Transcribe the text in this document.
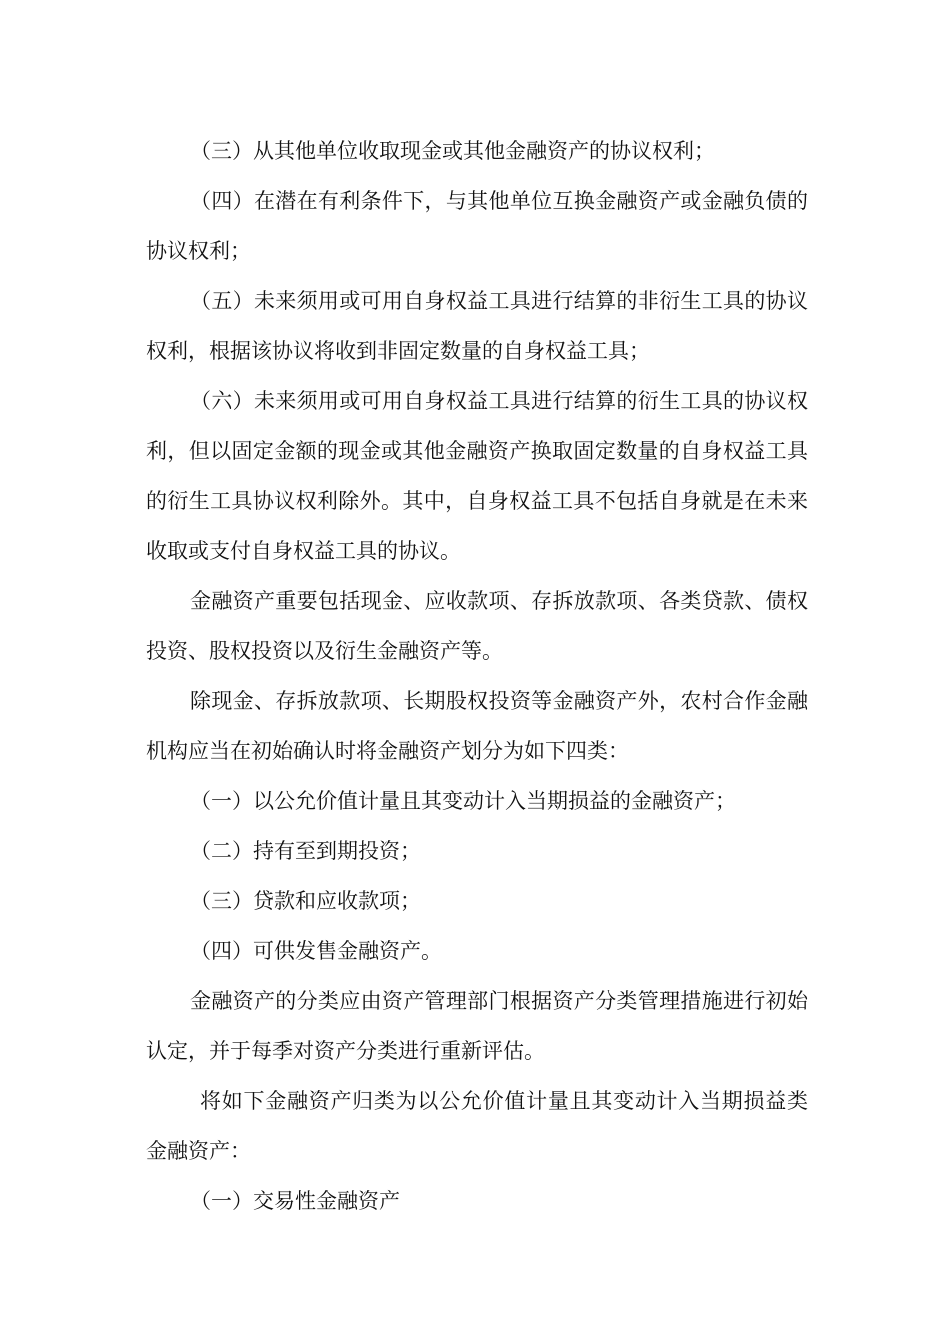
（三）从其他单位收取现金或其他金融资产的协议权利；

（四）在潜在有利条件下，与其他单位互换金融资产或金融负债的协议权利；

（五）未来须用或可用自身权益工具进行结算的非衍生工具的协议权利，根据该协议将收到非固定数量的自身权益工具；

（六）未来须用或可用自身权益工具进行结算的衍生工具的协议权利，但以固定金额的现金或其他金融资产换取固定数量的自身权益工具的衍生工具协议权利除外。其中，自身权益工具不包括自身就是在未来收取或支付自身权益工具的协议。

金融资产重要包括现金、应收款项、存拆放款项、各类贷款、债权投资、股权投资以及衍生金融资产等。

除现金、存拆放款项、长期股权投资等金融资产外，农村合作金融机构应当在初始确认时将金融资产划分为如下四类：

（一）以公允价值计量且其变动计入当期损益的金融资产；

（二）持有至到期投资；

（三）贷款和应收款项；

（四）可供发售金融资产。

金融资产的分类应由资产管理部门根据资产分类管理措施进行初始认定，并于每季对资产分类进行重新评估。

将如下金融资产归类为以公允价值计量且其变动计入当期损益类金融资产：

（一）交易性金融资产
